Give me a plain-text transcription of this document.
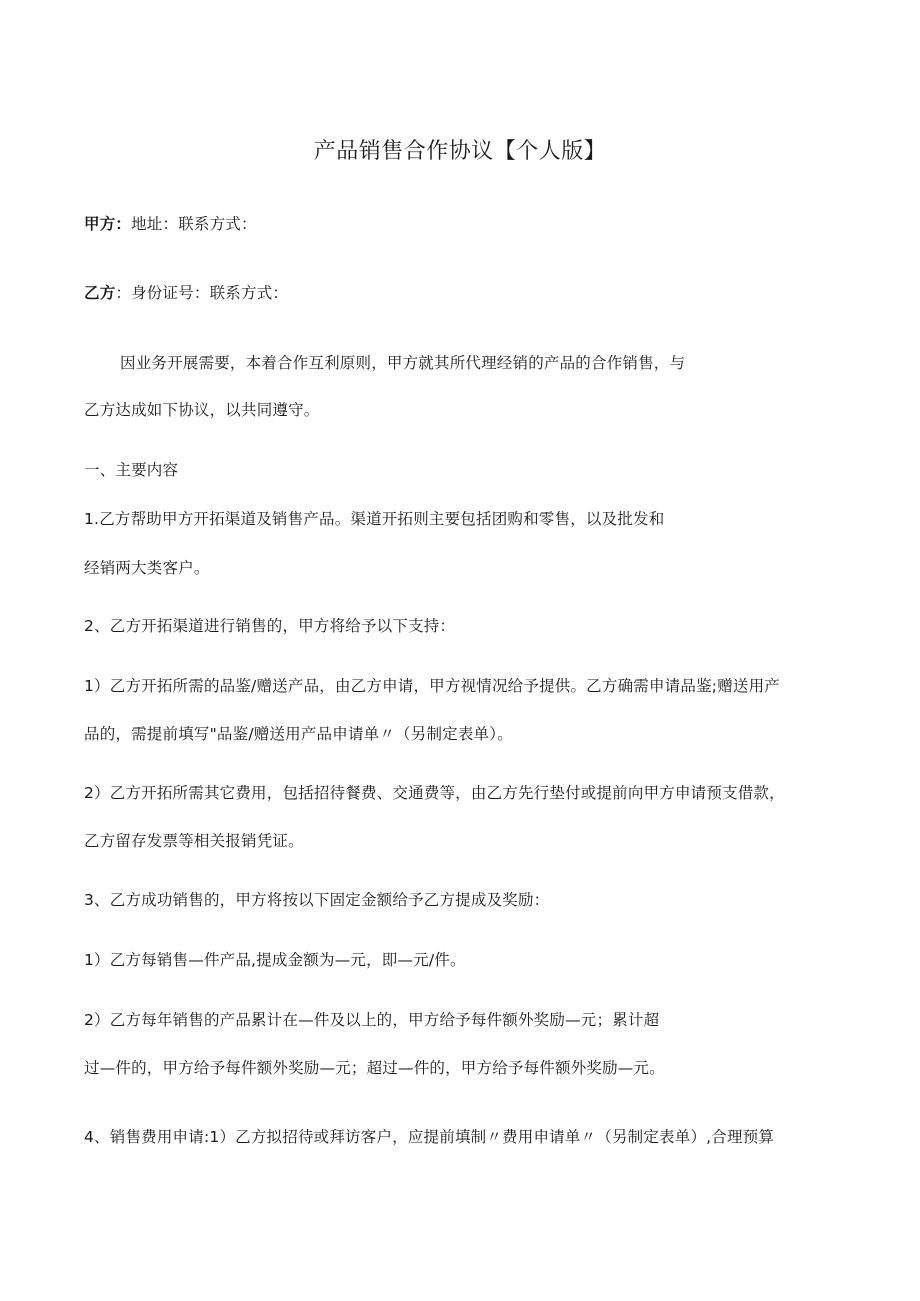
产品销售合作协议【个人版】
甲方：地址：联系方式：
乙方：身份证号：联系方式：
因业务开展需要，本着合作互利原则，甲方就其所代理经销的产品的合作销售，与
乙方达成如下协议，以共同遵守。
一、主要内容
1.乙方帮助甲方开拓渠道及销售产品。渠道开拓则主要包括团购和零售，以及批发和
经销两大类客户。
2、乙方开拓渠道进行销售的，甲方将给予以下支持：
1）乙方开拓所需的品鉴/赠送产品，由乙方申请，甲方视情况给予提供。乙方确需申请品鉴;赠送用产
品的，需提前填写"品鉴/赠送用产品申请单〃（另制定表单）。
2）乙方开拓所需其它费用，包括招待餐费、交通费等，由乙方先行垫付或提前向甲方申请预支借款，
乙方留存发票等相关报销凭证。
3、乙方成功销售的，甲方将按以下固定金额给予乙方提成及奖励：
1）乙方每销售—件产品,提成金额为—元，即—元/件。
2）乙方每年销售的产品累计在—件及以上的，甲方给予每件额外奖励—元；累计超
过—件的，甲方给予每件额外奖励—元；超过—件的，甲方给予每件额外奖励—元。
4、销售费用申请:1）乙方拟招待或拜访客户，应提前填制〃费用申请单〃（另制定表单）,合理预算
